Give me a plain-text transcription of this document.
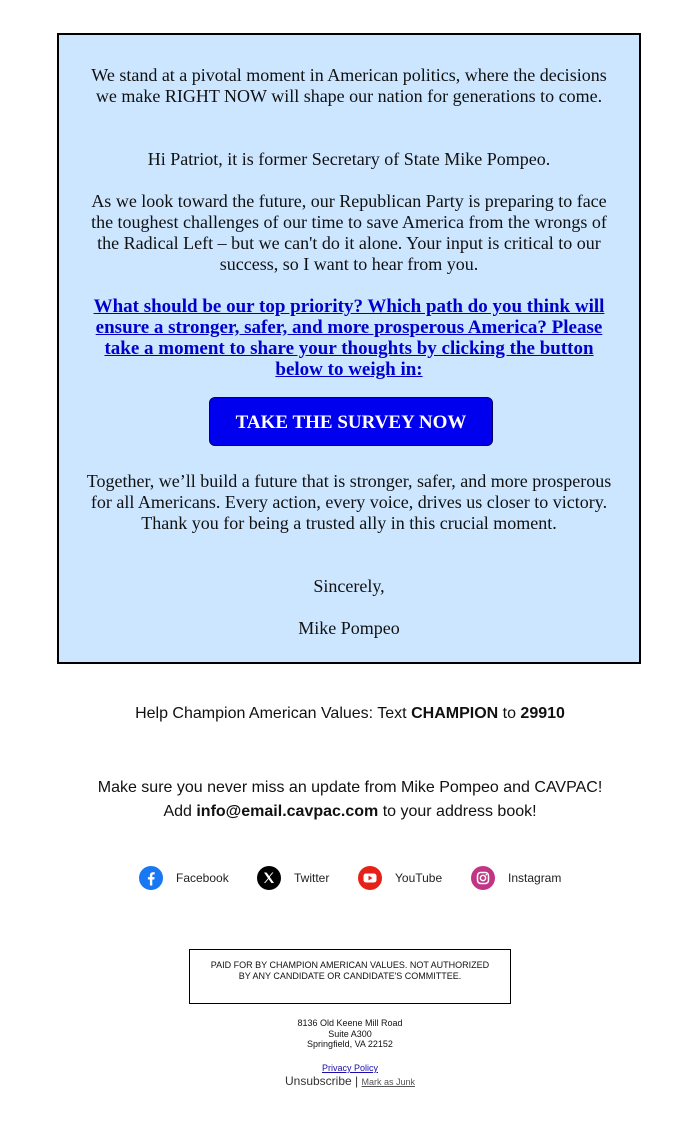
We stand at a pivotal moment in American politics, where the decisions we make RIGHT NOW will shape our nation for generations to come.

Hi Patriot, it is former Secretary of State Mike Pompeo.

As we look toward the future, our Republican Party is preparing to face the toughest challenges of our time to save America from the wrongs of the Radical Left – but we can't do it alone. Your input is critical to our success, so I want to hear from you.

What should be our top priority? Which path do you think will ensure a stronger, safer, and more prosperous America? Please take a moment to share your thoughts by clicking the button below to weigh in:

TAKE THE SURVEY NOW

Together, we’ll build a future that is stronger, safer, and more prosperous for all Americans. Every action, every voice, drives us closer to victory. Thank you for being a trusted ally in this crucial moment.

Sincerely,

Mike Pompeo

Help Champion American Values: Text CHAMPION to 29910
Make sure you never miss an update from Mike Pompeo and CAVPAC!
Add info@email.cavpac.com to your address book!
Facebook	Twitter	YouTube	Instagram
PAID FOR BY CHAMPION AMERICAN VALUES. NOT AUTHORIZED BY ANY CANDIDATE OR CANDIDATE'S COMMITTEE.
8136 Old Keene Mill Road
Suite A300
Springfield, VA 22152
Privacy Policy
Unsubscribe | Mark as Junk
